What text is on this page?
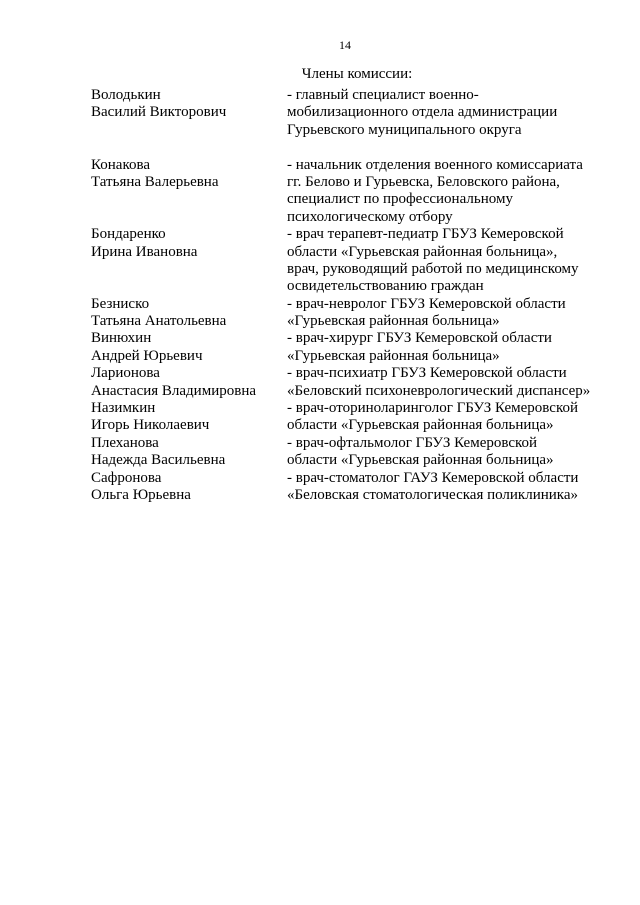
14
Члены комиссии:
Володькин
Василий Викторович
- главный специалист военно-
мобилизационного отдела администрации
Гурьевского муниципального округа
Конакова
Татьяна Валерьевна
- начальник отделения военного комиссариата
гг. Белово и Гурьевска, Беловского района,
специалист по профессиональному
психологическому отбору
Бондаренко
Ирина Ивановна
- врач терапевт-педиатр ГБУЗ Кемеровской
области «Гурьевская районная больница»,
врач, руководящий работой по медицинскому
освидетельствованию граждан
Безниско
Татьяна Анатольевна
- врач-невролог ГБУЗ Кемеровской области
«Гурьевская районная больница»
Винюхин
Андрей Юрьевич
- врач-хирург ГБУЗ Кемеровской области
«Гурьевская районная больница»
Ларионова
Анастасия Владимировна
- врач-психиатр ГБУЗ Кемеровской области
«Беловский психоневрологический диспансер»
Назимкин
Игорь Николаевич
- врач-оториноларинголог ГБУЗ Кемеровской
области «Гурьевская районная больница»
Плеханова
Надежда Васильевна
- врач-офтальмолог ГБУЗ Кемеровской
области «Гурьевская районная больница»
Сафронова
Ольга Юрьевна
- врач-стоматолог ГАУЗ Кемеровской области
«Беловская стоматологическая поликлиника»
